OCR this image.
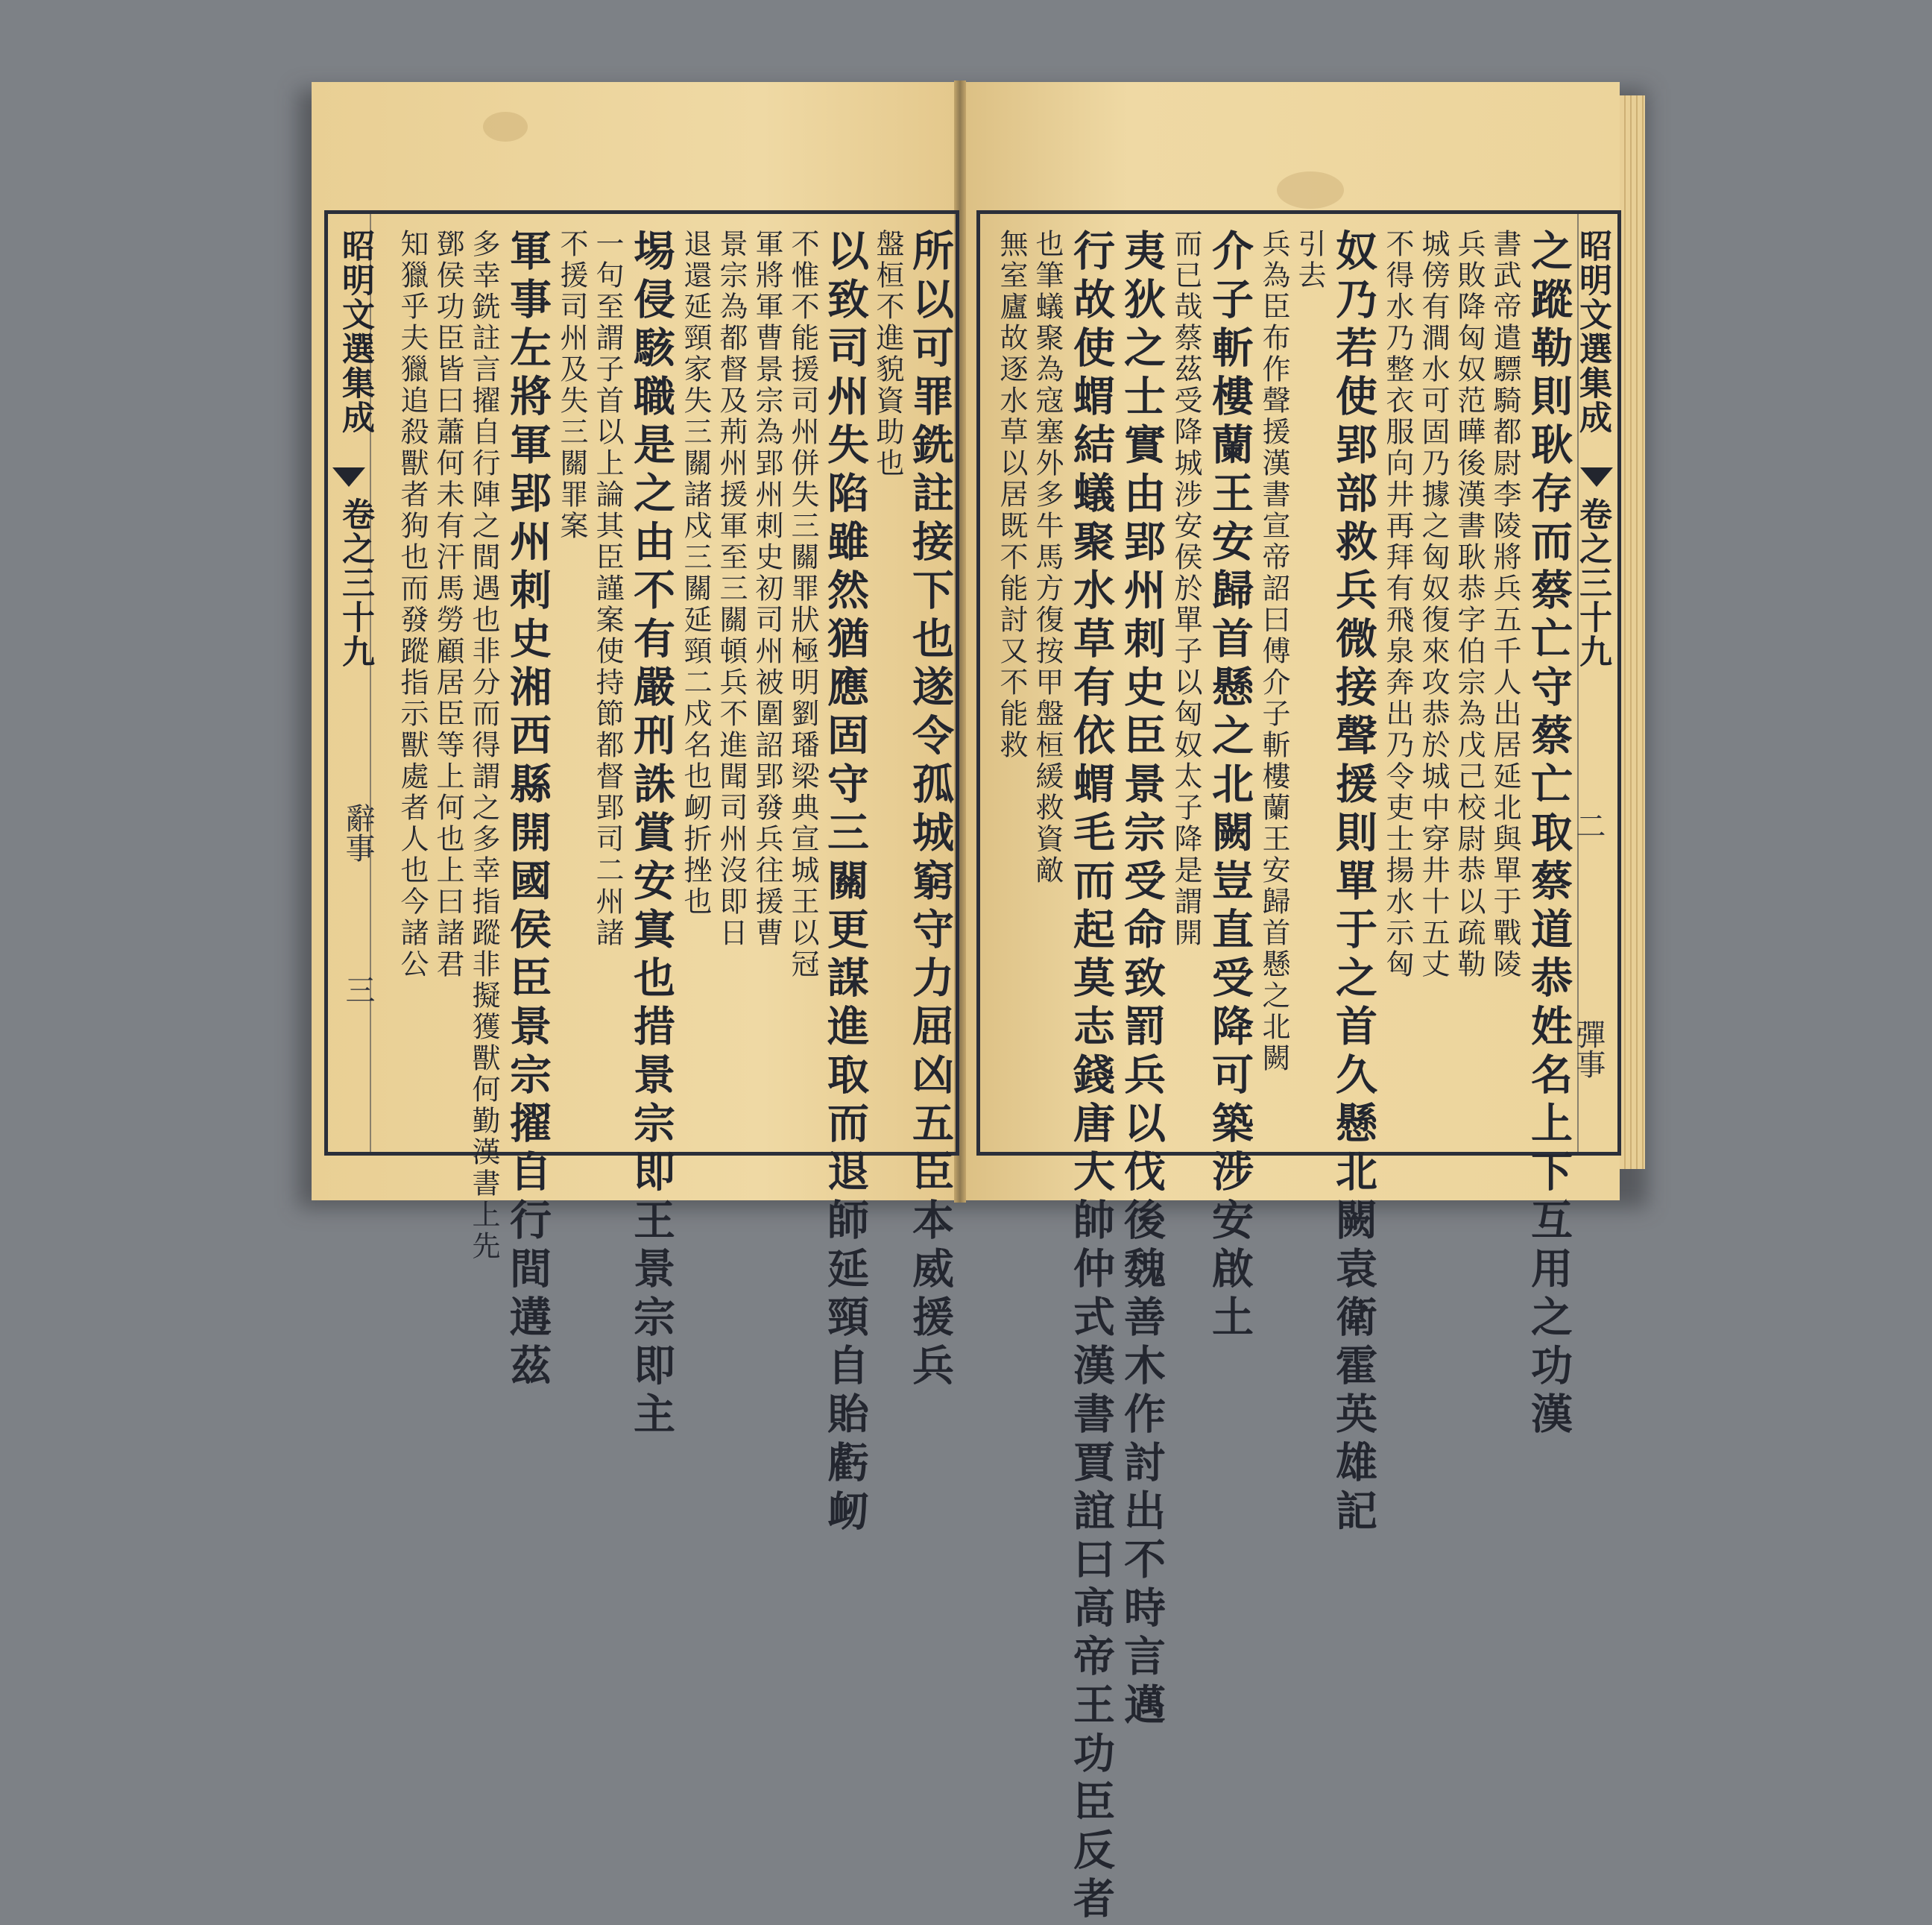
昭明文選集成
卷之三十九
辭事
三	所以可罪銑註接下也遂令孤城窮守力屈凶五臣本威援兵
盤桓不進貌資助也
以致司州失陷雖然猶應固守三關更謀進取而退師延頸自貽虧衂
不惟不能援司州併失三關罪狀極明劉璠梁典宣城王以冠
軍將軍曹景宗為郢州刺史初司州被圍詔郢發兵往援曹
景宗為都督及荊州援軍至三關頓兵不進聞司州沒即日
退還延頸家失三關諸戍三關延頸二戍名也衂折挫也
埸侵駭職是之由不有嚴刑誅賞安寘也措景宗即王景宗即主
一句至謂子首以上論其臣謹案使持節都督郢司二州諸
不援司州及失三關罪案
軍事左將軍郢州刺史湘西縣開國侯臣景宗擢自行間遘茲
多幸銑註言擢自行陣之間遇也非分而得謂之多幸指蹤非擬獲獸何勤漢書上先
鄧侯功臣皆曰蕭何未有汗馬勞顧居臣等上何也上曰諸君
知獵乎夫獵追殺獸者狗也而發蹤指示獸處者人也今諸公	昭明文選集成
卷之三十九
二
彈事
之蹤勒則耿存而蔡亡守蔡亡取蔡道恭姓名上下互用之功漢
書武帝遣驃騎都尉李陵將兵五千人出居延北與單于戰陵
兵敗降匈奴范曄後漢書耿恭字伯宗為戊己校尉恭以疏勒
城傍有澗水可固乃據之匈奴復來攻恭於城中穿井十五丈
不得水乃整衣服向井再拜有飛泉奔出乃令吏士揚水示匈
奴乃若使郢部救兵微接聲援則單于之首久懸北闕袁衛霍英雄記
引去
兵為臣布作聲援漢書宣帝詔曰傅介子斬樓蘭王安歸首懸之北闕
介子斬樓蘭王安歸首懸之北闕豈直受降可築涉安啟土
而已哉蔡茲受降城涉安侯於單子以匈奴太子降是謂開
夷狄之士實由郢州刺史臣景宗受命致罰兵以伐後魏善木作討出不時言邁
行故使蝟結蟻聚水草有依蝟毛而起莫志錢唐大帥仲式漢書賈誼曰高帝王功臣反者
也筆蟻聚為寇塞外多牛馬方復按甲盤桓緩救資敵
無室廬故逐水草以居既不能討又不能救
